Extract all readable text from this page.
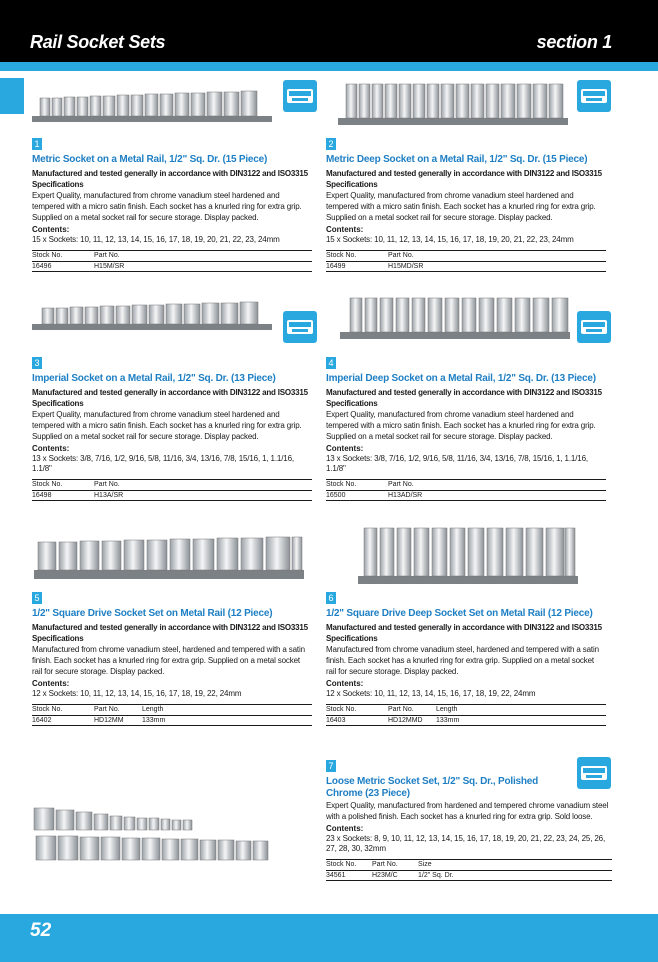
Rail Socket Sets	section 1
1
Metric Socket on a Metal Rail, 1/2" Sq. Dr. (15 Piece)
Manufactured and tested generally in accordance with DIN3122 and ISO3315 Specifications
Expert Quality, manufactured from chrome vanadium steel hardened and tempered with a micro satin finish. Each socket has a knurled ring for extra grip. Supplied on a metal socket rail for secure storage. Display packed.
Contents:
15 x Sockets: 10, 11, 12, 13, 14, 15, 16, 17, 18, 19, 20, 21, 22, 23, 24mm
Stock No.	Part No.
16496	H15M/SR
2
Metric Deep Socket on a Metal Rail, 1/2" Sq. Dr. (15 Piece)
Manufactured and tested generally in accordance with DIN3122 and ISO3315 Specifications
Expert Quality, manufactured from chrome vanadium steel hardened and tempered with a micro satin finish. Each socket has a knurled ring for extra grip. Supplied on a metal socket rail for secure storage. Display packed.
Contents:
15 x Sockets: 10, 11, 12, 13, 14, 15, 16, 17, 18, 19, 20, 21, 22, 23, 24mm
Stock No.	Part No.
16499	H15MD/SR
3
Imperial Socket on a Metal Rail, 1/2" Sq. Dr. (13 Piece)
Manufactured and tested generally in accordance with DIN3122 and ISO3315 Specifications
Expert Quality, manufactured from chrome vanadium steel hardened and tempered with a micro satin finish. Each socket has a knurled ring for extra grip. Supplied on a metal socket rail for secure storage. Display packed.
Contents:
13 x Sockets: 3/8, 7/16, 1/2, 9/16, 5/8, 11/16, 3/4, 13/16, 7/8, 15/16, 1, 1.1/16, 1.1/8"
Stock No.	Part No.
16498	H13A/SR
4
Imperial Deep Socket on a Metal Rail, 1/2" Sq. Dr. (13 Piece)
Manufactured and tested generally in accordance with DIN3122 and ISO3315 Specifications
Expert Quality, manufactured from chrome vanadium steel hardened and tempered with a micro satin finish. Each socket has a knurled ring for extra grip. Supplied on a metal socket rail for secure storage. Display packed.
Contents:
13 x Sockets: 3/8, 7/16, 1/2, 9/16, 5/8, 11/16, 3/4, 13/16, 7/8, 15/16, 1, 1.1/16, 1.1/8"
Stock No.	Part No.
16500	H13AD/SR
5
1/2" Square Drive Socket Set on Metal Rail (12 Piece)
Manufactured and tested generally in accordance with DIN3122 and ISO3315 Specifications
Manufactured from chrome vanadium steel, hardened and tempered with a satin finish. Each socket has a knurled ring for extra grip. Supplied on a metal socket rail for secure storage. Display packed.
Contents:
12 x Sockets: 10, 11, 12, 13, 14, 15, 16, 17, 18, 19, 22, 24mm
Stock No.	Part No.	Length
16402	HD12MM	133mm
6
1/2" Square Drive Deep Socket Set on Metal Rail (12 Piece)
Manufactured and tested generally in accordance with DIN3122 and ISO3315 Specifications
Manufactured from chrome vanadium steel, hardened and tempered with a satin finish. Each socket has a knurled ring for extra grip. Supplied on a metal socket rail for secure storage. Display packed.
Contents:
12 x Sockets: 10, 11, 12, 13, 14, 15, 16, 17, 18, 19, 22, 24mm
Stock No.	Part No.	Length
16403	HD12MMD	133mm
7
Loose Metric Socket Set, 1/2" Sq. Dr., Polished Chrome (23 Piece)
Expert Quality, manufactured from hardened and tempered chrome vanadium steel with a polished finish. Each socket has a knurled ring for extra grip. Sold loose.
Contents:
23 x Sockets: 8, 9, 10, 11, 12, 13, 14, 15, 16, 17, 18, 19, 20, 21, 22, 23, 24, 25, 26, 27, 28, 30, 32mm
Stock No.	Part No.	Size
34561	H23M/C	1/2" Sq. Dr.
52
